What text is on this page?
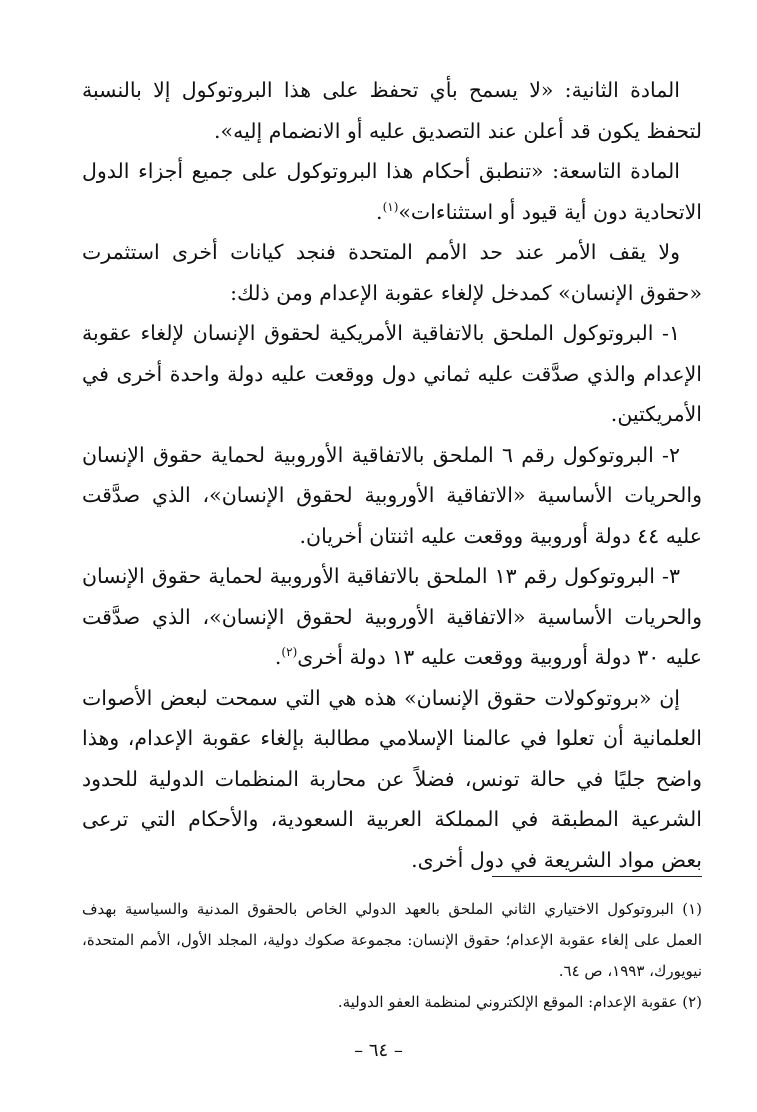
المادة الثانية: «لا يسمح بأي تحفظ على هذا البروتوكول إلا بالنسبة لتحفظ يكون قد أعلن عند التصديق عليه أو الانضمام إليه».

المادة التاسعة: «تنطبق أحكام هذا البروتوكول على جميع أجزاء الدول الاتحادية دون أية قيود أو استثناءات»$^{(١)}$.

ولا يقف الأمر عند حد الأمم المتحدة فنجد كيانات أخرى استثمرت «حقوق الإنسان» كمدخل لإلغاء عقوبة الإعدام ومن ذلك:

١- البروتوكول الملحق بالاتفاقية الأمريكية لحقوق الإنسان لإلغاء عقوبة الإعدام والذي صدَّقت عليه ثماني دول ووقعت عليه دولة واحدة أخرى في الأمريكتين.

٢- البروتوكول رقم ٦ الملحق بالاتفاقية الأوروبية لحماية حقوق الإنسان والحريات الأساسية «الاتفاقية الأوروبية لحقوق الإنسان»، الذي صدَّقت عليه ٤٤ دولة أوروبية ووقعت عليه اثنتان أخريان.

٣- البروتوكول رقم ١٣ الملحق بالاتفاقية الأوروبية لحماية حقوق الإنسان والحريات الأساسية «الاتفاقية الأوروبية لحقوق الإنسان»، الذي صدَّقت عليه ٣٠ دولة أوروبية ووقعت عليه ١٣ دولة أخرى$^{(٢)}$.

إن «بروتوكولات حقوق الإنسان» هذه هي التي سمحت لبعض الأصوات العلمانية أن تعلوا في عالمنا الإسلامي مطالبة بإلغاء عقوبة الإعدام، وهذا واضح جليًا في حالة تونس، فضلاً عن محاربة المنظمات الدولية للحدود الشرعية المطبقة في المملكة العربية السعودية، والأحكام التي ترعى بعض مواد الشريعة في دول أخرى.

(١) البروتوكول الاختياري الثاني الملحق بالعهد الدولي الخاص بالحقوق المدنية والسياسية بهدف العمل على إلغاء عقوبة الإعدام؛ حقوق الإنسان: مجموعة صكوك دولية، المجلد الأول، الأمم المتحدة، نيويورك، ١٩٩٣، ص ٦٤.

(٢) عقوبة الإعدام: الموقع الإلكتروني لمنظمة العفو الدولية.

– ٦٤ –
